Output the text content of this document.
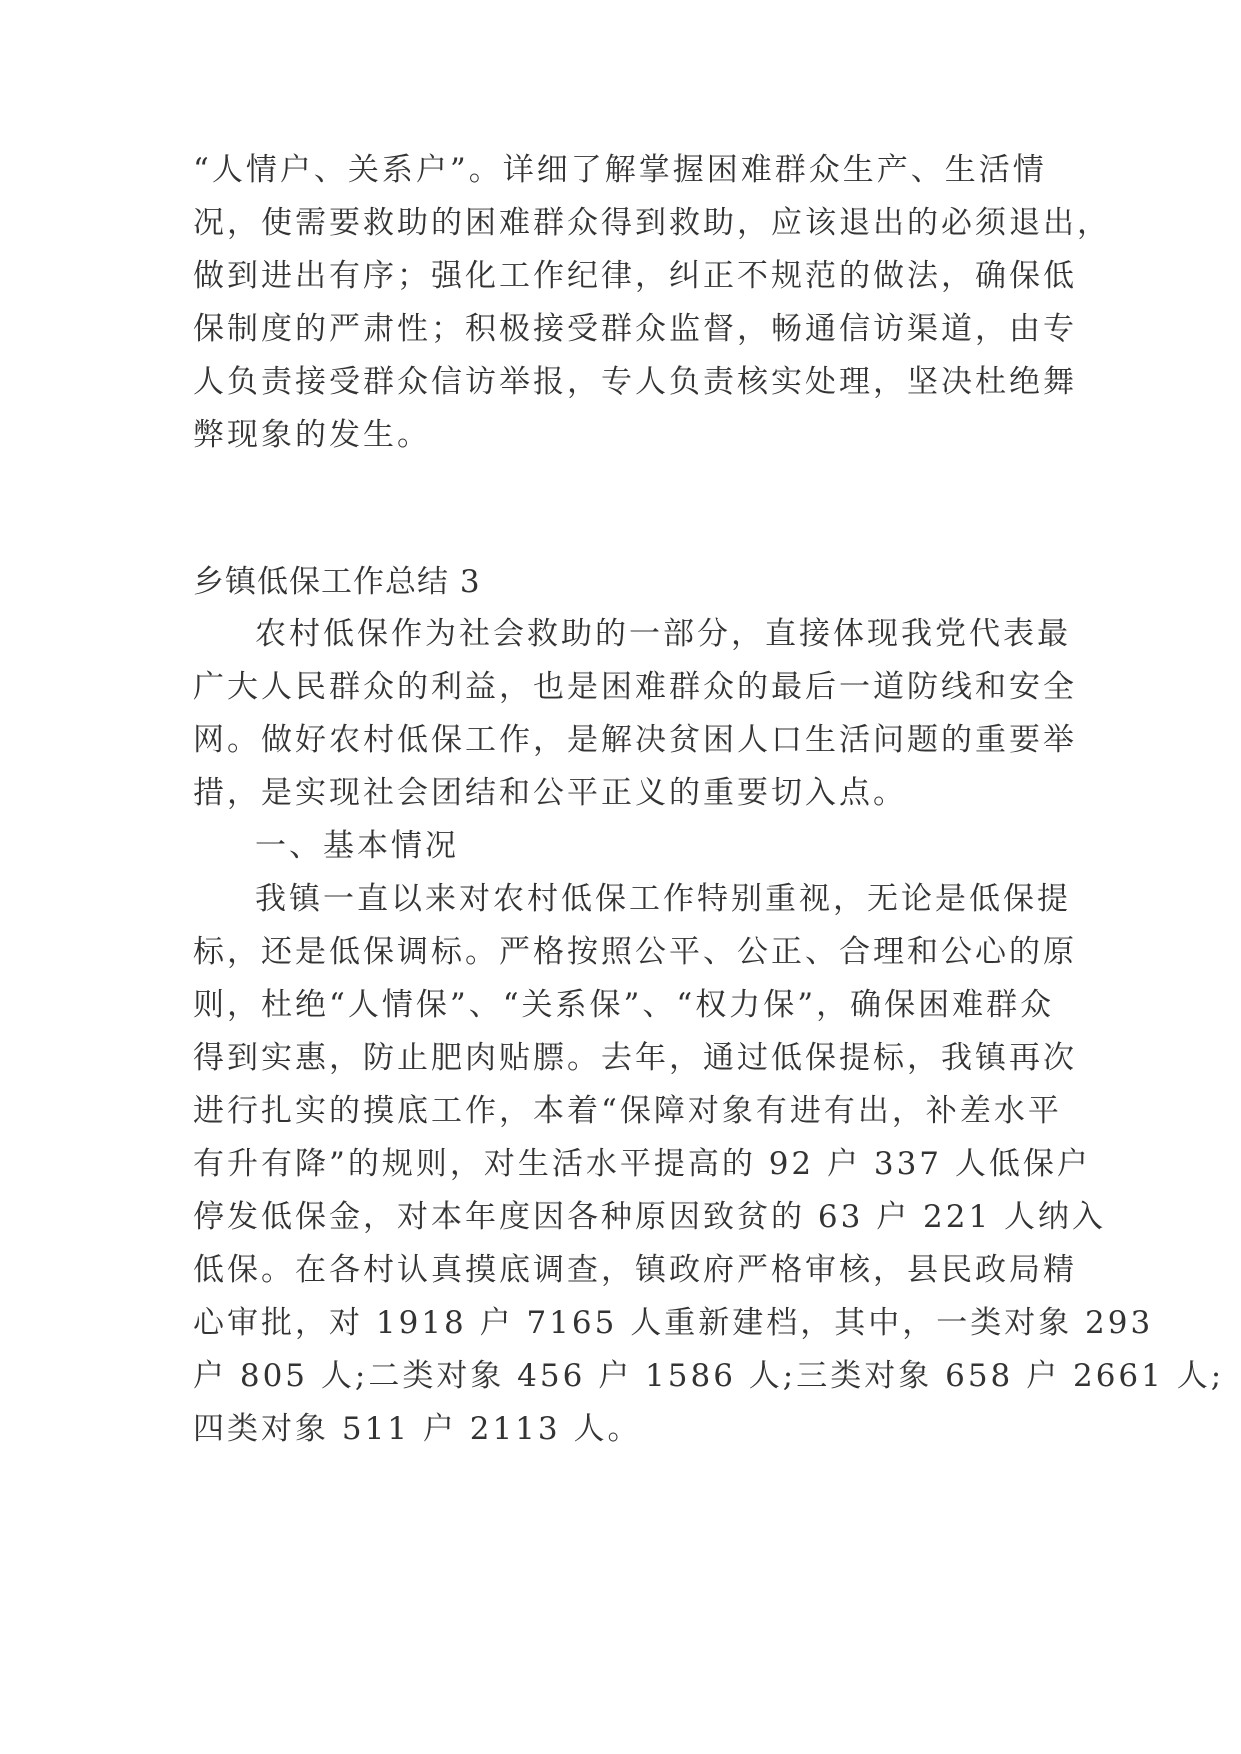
“人情户、关系户”。详细了解掌握困难群众生产、生活情

况，使需要救助的困难群众得到救助，应该退出的必须退出，

做到进出有序；强化工作纪律，纠正不规范的做法，确保低

保制度的严肃性；积极接受群众监督，畅通信访渠道，由专

人负责接受群众信访举报，专人负责核实处理，坚决杜绝舞

弊现象的发生。

乡镇低保工作总结 3

农村低保作为社会救助的一部分，直接体现我党代表最

广大人民群众的利益，也是困难群众的最后一道防线和安全

网。做好农村低保工作，是解决贫困人口生活问题的重要举

措，是实现社会团结和公平正义的重要切入点。

一、基本情况

我镇一直以来对农村低保工作特别重视，无论是低保提

标，还是低保调标。严格按照公平、公正、合理和公心的原

则，杜绝“人情保”、“关系保”、“权力保”，确保困难群众

得到实惠，防止肥肉贴膘。去年，通过低保提标，我镇再次

进行扎实的摸底工作，本着“保障对象有进有出，补差水平

有升有降”的规则，对生活水平提高的 92 户 337 人低保户

停发低保金，对本年度因各种原因致贫的 63 户 221 人纳入

低保。在各村认真摸底调查，镇政府严格审核，县民政局精

心审批，对 1918 户 7165 人重新建档，其中，一类对象 293

户 805 人;二类对象 456 户 1586 人;三类对象 658 户 2661 人;

四类对象 511 户 2113 人。
